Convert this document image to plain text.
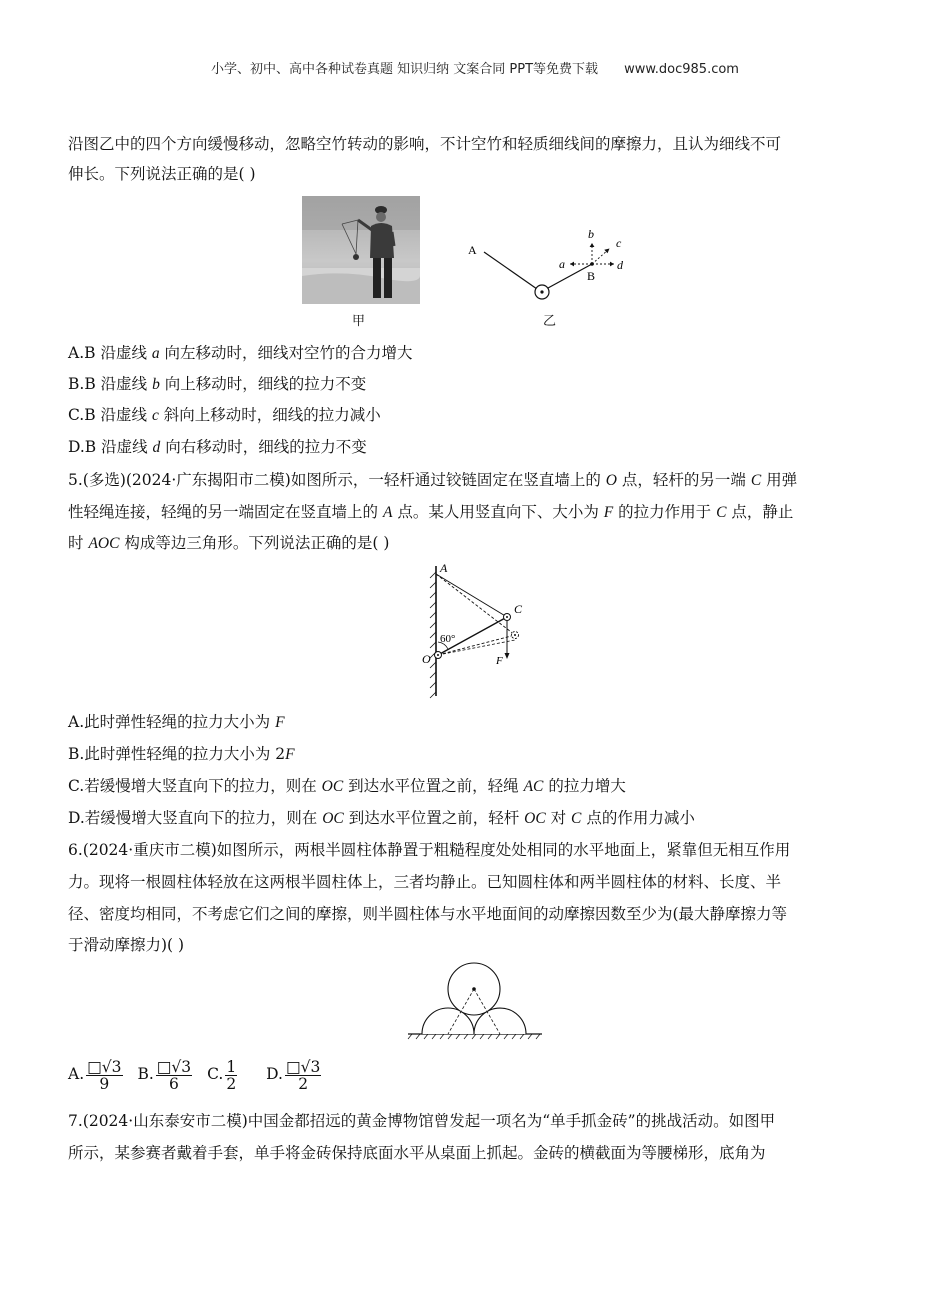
小学、初中、高中各种试卷真题 知识归纳 文案合同 PPT等免费下载 www.doc985.com
沿图乙中的四个方向缓慢移动，忽略空竹转动的影响，不计空竹和轻质细线间的摩擦力，且认为细线不可
伸长。下列说法正确的是( )
甲
A
B
a
b
c
d
乙
A.B 沿虚线 a 向左移动时，细线对空竹的合力增大
B.B 沿虚线 b 向上移动时，细线的拉力不变
C.B 沿虚线 c 斜向上移动时，细线的拉力减小
D.B 沿虚线 d 向右移动时，细线的拉力不变
5.(多选)(2024·广东揭阳市二模)如图所示，一轻杆通过铰链固定在竖直墙上的 O 点，轻杆的另一端 C 用弹
性轻绳连接，轻绳的另一端固定在竖直墙上的 A 点。某人用竖直向下、大小为 F 的拉力作用于 C 点，静止
时 AOC 构成等边三角形。下列说法正确的是( )
A
C
O	F
60°
A.此时弹性轻绳的拉力大小为 F
B.此时弹性轻绳的拉力大小为 2F
C.若缓慢增大竖直向下的拉力，则在 OC 到达水平位置之前，轻绳 AC 的拉力增大
D.若缓慢增大竖直向下的拉力，则在 OC 到达水平位置之前，轻杆 OC 对 C 点的作用力减小
6.(2024·重庆市二模)如图所示，两根半圆柱体静置于粗糙程度处处相同的水平地面上，紧靠但无相互作用
力。现将一根圆柱体轻放在这两根半圆柱体上，三者均静止。已知圆柱体和两半圆柱体的材料、长度、半
径、密度均相同，不考虑它们之间的摩擦，则半圆柱体与水平地面间的动摩擦因数至少为(最大静摩擦力等
于滑动摩擦力)( )
A. $\frac{□√3}{9} B$. $\frac{□√3}{6} C$. $\frac{1}{2} D$. $\frac{□√3}{2}$
7.(2024·山东泰安市二模)中国金都招远的黄金博物馆曾发起一项名为“单手抓金砖”的挑战活动。如图甲
所示，某参赛者戴着手套，单手将金砖保持底面水平从桌面上抓起。金砖的横截面为等腰梯形，底角为
